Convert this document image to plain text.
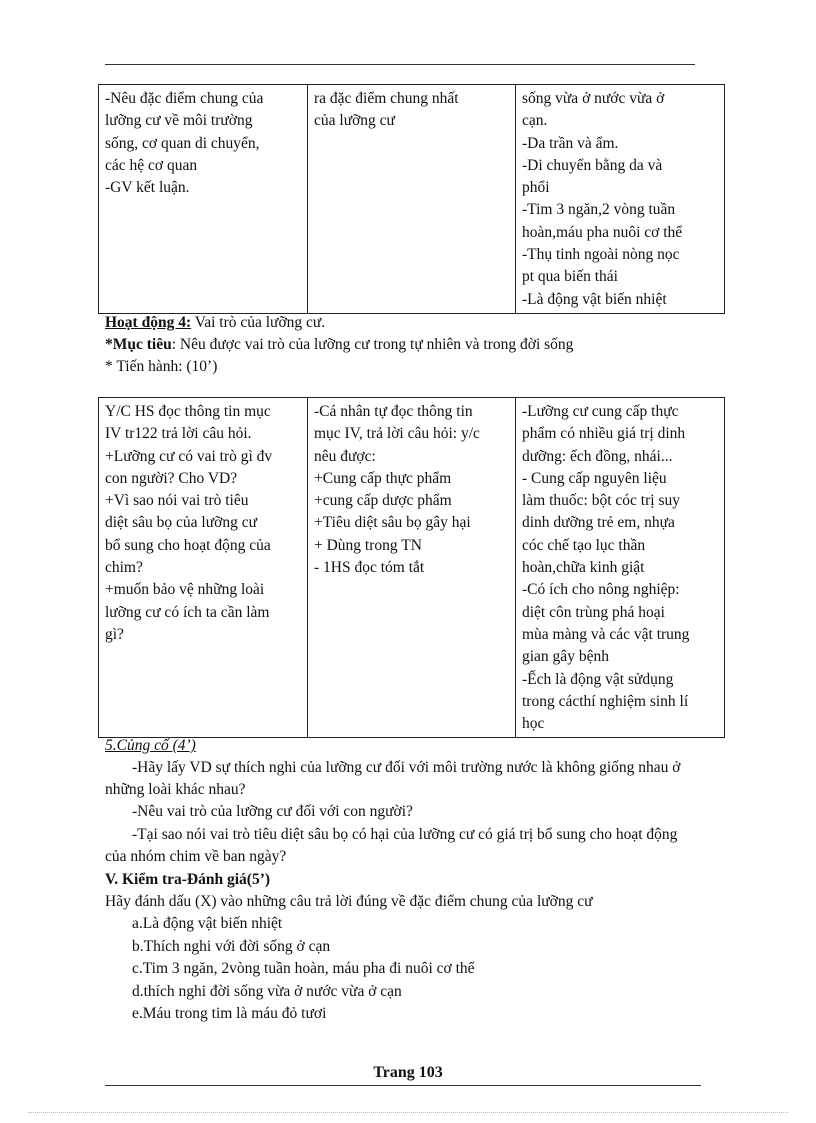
-Nêu đặc điểm chung của
lưỡng cư về môi trường
sống, cơ quan di chuyển,
các hệ cơ quan
-GV kết luận.

ra đặc điểm chung nhất
của lưỡng cư

sống vừa ở nước vừa ở
cạn.
-Da trần và ẩm.
-Di chuyển bằng da và
phổi
-Tim 3 ngăn,2 vòng tuần
hoàn,máu pha nuôi cơ thể
-Thụ tinh ngoài nòng nọc
pt qua biến thái
-Là động vật biến nhiệt
Hoạt động 4: Vai trò của lưỡng cư.
*Mục tiêu: Nêu được vai trò của lưỡng cư trong tự nhiên và trong đời sống
* Tiến hành: (10’)
Y/C HS đọc thông tin mục
IV tr122 trả lời câu hỏi.
+Lưỡng cư có vai trò gì đv
con người? Cho VD?
+Vì sao nói vai trò tiêu
diệt sâu bọ của lưỡng cư
bổ sung cho hoạt động của
chim?
+muốn bảo vệ những loài
lưỡng cư có ích ta cần làm
gì?

-Cá nhân tự đọc thông tin
mục IV, trả lời câu hỏi: y/c
nêu được:
+Cung cấp thực phẩm
+cung cấp dược phẩm
+Tiêu diệt sâu bọ gây hại
+ Dùng trong TN
- 1HS đọc tóm tắt

-Lưỡng cư cung cấp thực
phẩm có nhiều giá trị dinh
dưỡng: ếch đồng, nhái...
- Cung cấp nguyên liệu
làm thuốc: bột cóc trị suy
dinh dưỡng trẻ em, nhựa
cóc chế tạo lục thần
hoàn,chữa kinh giật
-Có ích cho nông nghiệp:
diệt côn trùng phá hoại
mùa màng và các vật trung
gian gây bệnh
-Ếch là động vật sửdụng
trong cácthí nghiệm sinh lí
học
5.Củng cố (4’)
-Hãy lấy VD sự thích nghi của lưỡng cư đối với môi trường nước là không giống nhau ở
những loài khác nhau?
-Nêu vai trò của lưỡng cư đối với con người?
-Tại sao nói vai trò tiêu diệt sâu bọ có hại của lưỡng cư có giá trị bổ sung cho hoạt động
của nhóm chim về ban ngày?
V. Kiểm tra-Đánh giá(5’)
Hãy đánh dấu (X) vào những câu trả lời đúng về đặc điểm chung của lưỡng cư
a.Là động vật biến nhiệt
b.Thích nghi với đời sống ở cạn
c.Tim 3 ngăn, 2vòng tuần hoàn, máu pha đi nuôi cơ thể
d.thích nghi đời sống vừa ở nước vừa ở cạn
e.Máu trong tim là máu đỏ tươi
Trang 103
